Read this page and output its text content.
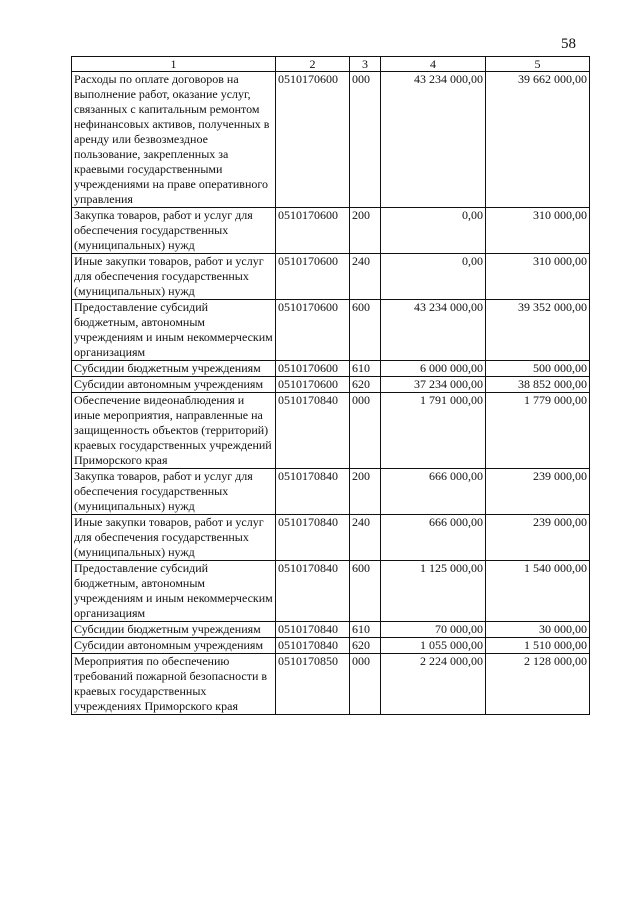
58
1	2	3	4	5
Расходы по оплате договоров на выполнение работ, оказание услуг, связанных с капитальным ремонтом нефинансовых активов, полученных в аренду или безвозмездное пользование, закрепленных за краевыми государственными учреждениями на праве оперативного управления	0510170600	000	43 234 000,00	39 662 000,00
Закупка товаров, работ и услуг для обеспечения государственных (муниципальных) нужд	0510170600	200	0,00	310 000,00
Иные закупки товаров, работ и услуг для обеспечения государственных (муниципальных) нужд	0510170600	240	0,00	310 000,00
Предоставление субсидий бюджетным, автономным учреждениям и иным некоммерческим организациям	0510170600	600	43 234 000,00	39 352 000,00
Субсидии бюджетным учреждениям	0510170600	610	6 000 000,00	500 000,00
Субсидии автономным учреждениям	0510170600	620	37 234 000,00	38 852 000,00
Обеспечение видеонаблюдения и иные мероприятия, направленные на защищенность объектов (территорий) краевых государственных учреждений Приморского края	0510170840	000	1 791 000,00	1 779 000,00
Закупка товаров, работ и услуг для обеспечения государственных (муниципальных) нужд	0510170840	200	666 000,00	239 000,00
Иные закупки товаров, работ и услуг для обеспечения государственных (муниципальных) нужд	0510170840	240	666 000,00	239 000,00
Предоставление субсидий бюджетным, автономным учреждениям и иным некоммерческим организациям	0510170840	600	1 125 000,00	1 540 000,00
Субсидии бюджетным учреждениям	0510170840	610	70 000,00	30 000,00
Субсидии автономным учреждениям	0510170840	620	1 055 000,00	1 510 000,00
Мероприятия по обеспечению требований пожарной безопасности в краевых государственных учреждениях Приморского края	0510170850	000	2 224 000,00	2 128 000,00
